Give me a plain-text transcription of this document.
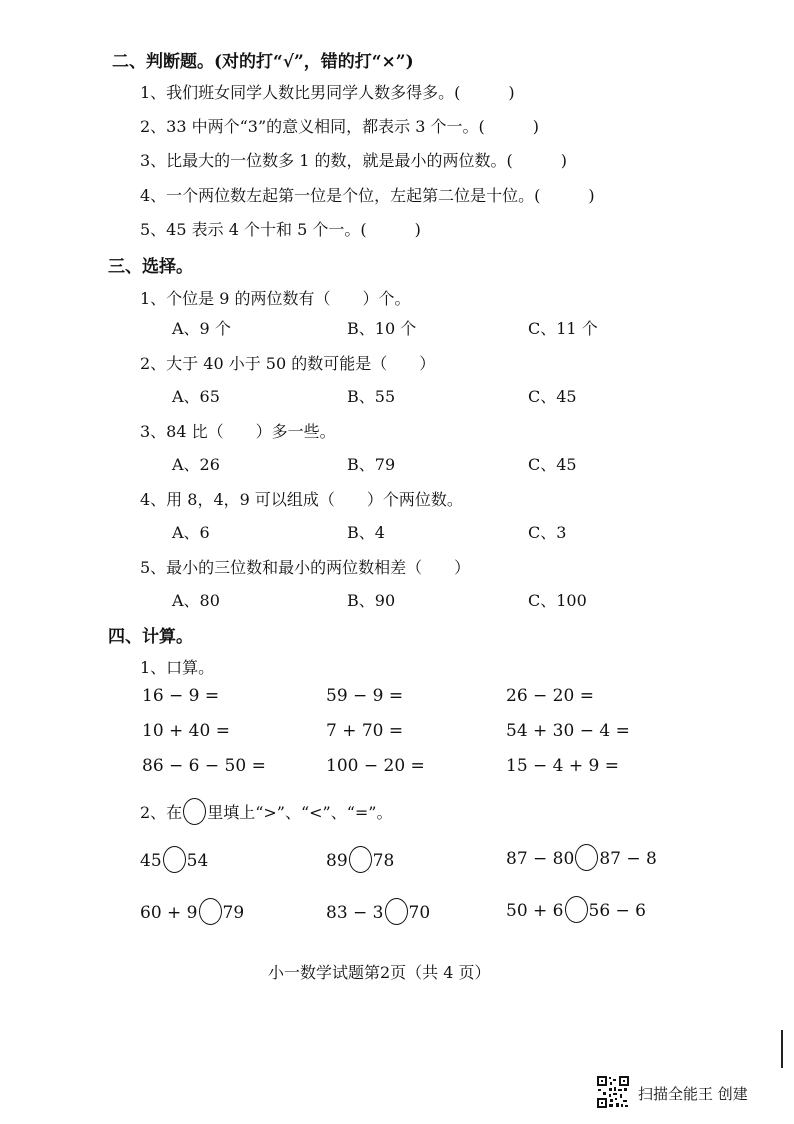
二、判断题。(对的打“√”，错的打“×”)
1、我们班女同学人数比男同学人数多得多。(　　　)
2、33 中两个“3”的意义相同，都表示 3 个一。(　　　)
3、比最大的一位数多 1 的数，就是最小的两位数。(　　　)
4、一个两位数左起第一位是个位，左起第二位是十位。(　　　)
5、45 表示 4 个十和 5 个一。(　　　)
三、选择。
1、个位是 9 的两位数有（　　）个。
A、9 个	B、10 个	C、11 个
2、大于 40 小于 50 的数可能是（　　）
A、65	B、55	C、45
3、84 比（　　）多一些。
A、26	B、79	C、45
4、用 8，4，9 可以组成（　　）个两位数。
A、6	B、4	C、3
5、最小的三位数和最小的两位数相差（　　）
A、80	B、90	C、100
四、计算。
1、口算。
16 − 9 =	59 − 9 =	26 − 20 =
10 + 40 =	7 + 70 =	54 + 30 − 4 =
86 − 6 − 50 =	100 − 20 =	15 − 4 + 9 =
2、在 里填上“>”、“<”、“=”。
45 54	89 78	87 − 80 87 − 8
60 + 9 79	83 − 3 70	50 + 6 56 − 6
小一数学试题第2页（共 4 页）
扫描全能王 创建
